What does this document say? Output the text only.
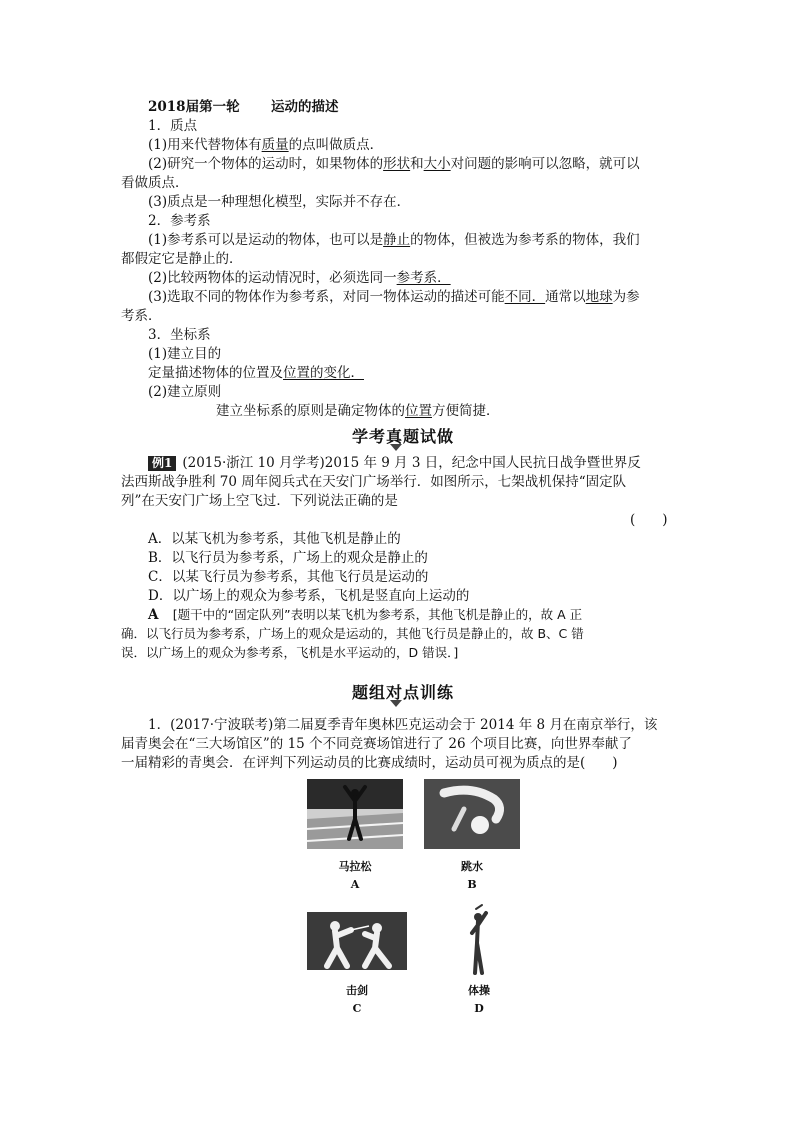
2018届第一轮 运动的描述
1．质点
(1)用来代替物体有质量的点叫做质点．
(2)研究一个物体的运动时，如果物体的形状和大小对问题的影响可以忽略，就可以
看做质点．
(3)质点是一种理想化模型，实际并不存在．
2．参考系
(1)参考系可以是运动的物体，也可以是静止的物体，但被选为参考系的物体，我们
都假定它是静止的．
(2)比较两物体的运动情况时，必须选同一参考系．
(3)选取不同的物体作为参考系，对同一物体运动的描述可能不同．通常以地球为参
考系．
3．坐标系
(1)建立目的
定量描述物体的位置及位置的变化．
(2)建立原则
建立坐标系的原则是确定物体的位置方便简捷．
学考真题试做
例1 (2015·浙江 10 月学考)2015 年 9 月 3 日，纪念中国人民抗日战争暨世界反
法西斯战争胜利 70 周年阅兵式在天安门广场举行．如图所示，七架战机保持“固定队
列”在天安门广场上空飞过．下列说法正确的是
(　　)
A．以某飞机为参考系，其他飞机是静止的
B．以飞行员为参考系，广场上的观众是静止的
C．以某飞行员为参考系，其他飞行员是运动的
D．以广场上的观众为参考系，飞机是竖直向上运动的
A [题干中的“固定队列”表明以某飞机为参考系，其他飞机是静止的，故 A 正
确．以飞行员为参考系，广场上的观众是运动的，其他飞行员是静止的，故 B、C 错
误．以广场上的观众为参考系，飞机是水平运动的，D 错误．]
题组对点训练
1．(2017·宁波联考)第二届夏季青年奥林匹克运动会于 2014 年 8 月在南京举行，该
届青奥会在“三大场馆区”的 15 个不同竞赛场馆进行了 26 个项目比赛，向世界奉献了
一届精彩的青奥会．在评判下列运动员的比赛成绩时，运动员可视为质点的是(　　)
马拉松
A
跳水
B
击剑
C
体操
D
